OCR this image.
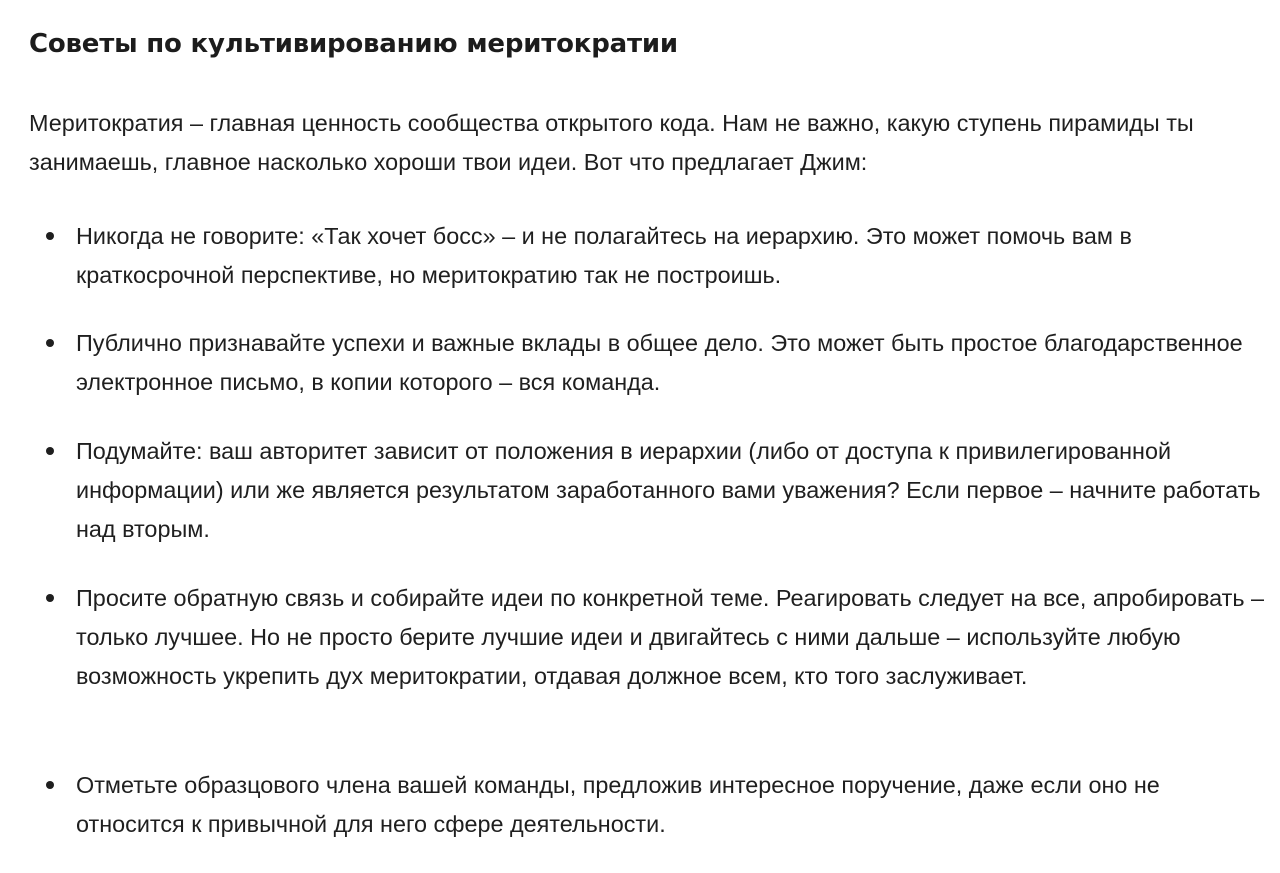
Советы по культивированию меритократии

Меритократия – главная ценность сообщества открытого кода. Нам не важно, какую ступень пирамиды ты занимаешь, главное насколько хороши твои идеи. Вот что предлагает Джим:

Никогда не говорите: «Так хочет босс» – и не полагайтесь на иерархию. Это может помочь вам в краткосрочной перспективе, но меритократию так не построишь.
Публично признавайте успехи и важные вклады в общее дело. Это может быть простое благодарственное электронное письмо, в копии которого – вся команда.
Подумайте: ваш авторитет зависит от положения в иерархии (либо от доступа к привилегированной информации) или же является результатом заработанного вами уважения? Если первое – начните работать над вторым.
Просите обратную связь и собирайте идеи по конкретной теме. Реагировать следует на все, апробировать – только лучшее. Но не просто берите лучшие идеи и двигайтесь с ними дальше – используйте любую возможность укрепить дух меритократии, отдавая должное всем, кто того заслуживает.
Отметьте образцового члена вашей команды, предложив интересное поручение, даже если оно не относится к привычной для него сфере деятельности.
